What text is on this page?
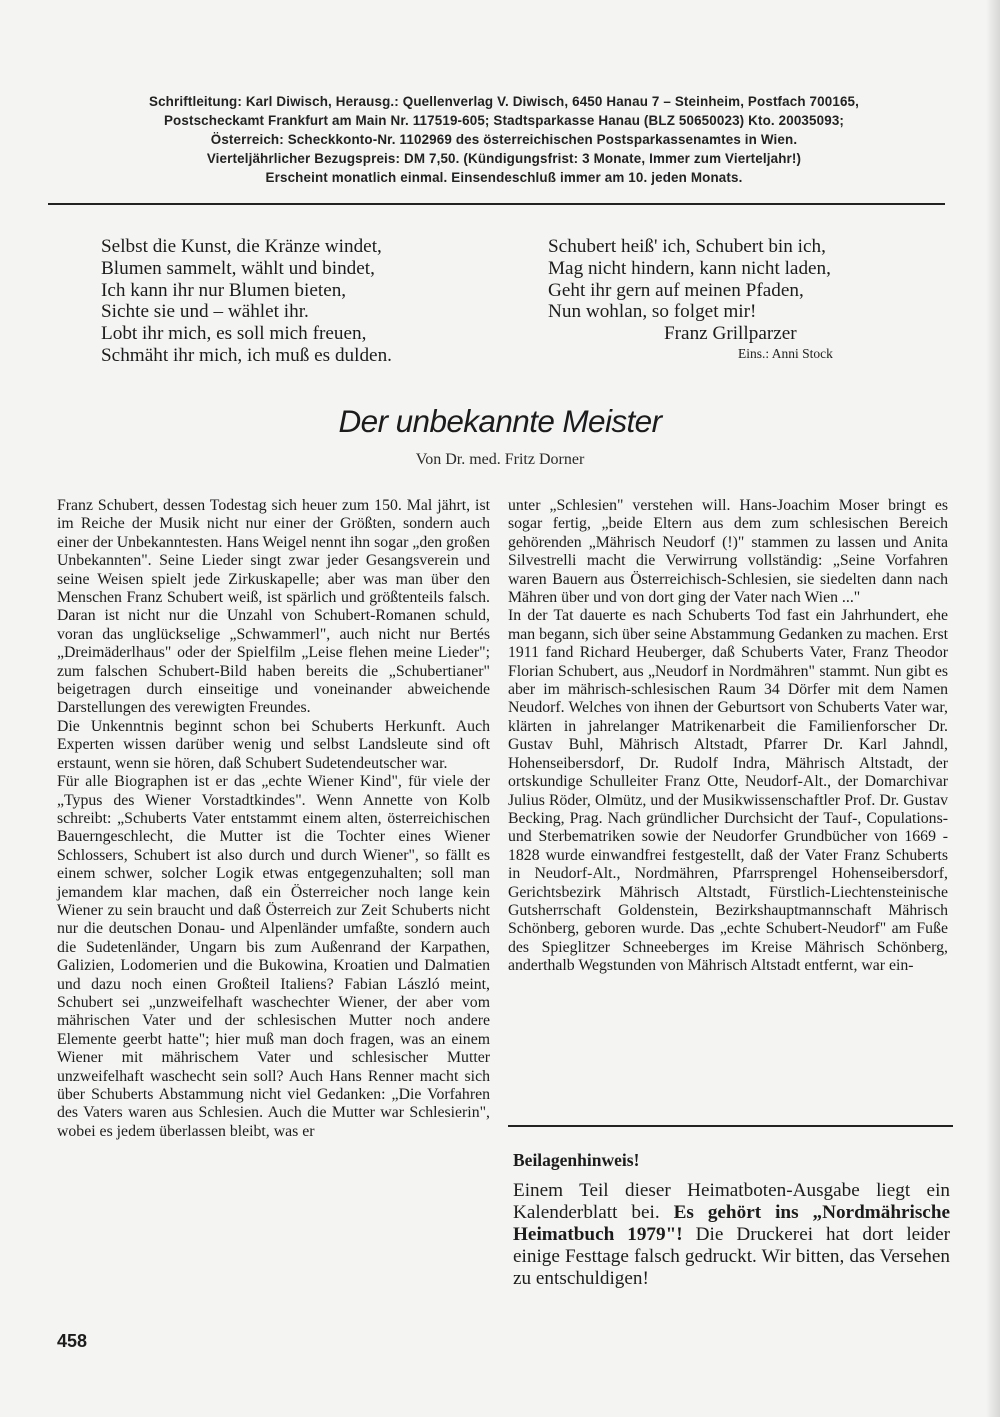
Schriftleitung: Karl Diwisch, Herausg.: Quellenverlag V. Diwisch, 6450 Hanau 7 – Steinheim, Postfach 700165,
Postscheckamt Frankfurt am Main Nr. 117519-605; Stadtsparkasse Hanau (BLZ 50650023) Kto. 20035093;
Österreich: Scheckkonto-Nr. 1102969 des österreichischen Postsparkassenamtes in Wien.
Vierteljährlicher Bezugspreis: DM 7,50. (Kündigungsfrist: 3 Monate, Immer zum Vierteljahr!)
Erscheint monatlich einmal. Einsendeschluß immer am 10. jeden Monats.
Selbst die Kunst, die Kränze windet,
Blumen sammelt, wählt und bindet,
Ich kann ihr nur Blumen bieten,
Sichte sie und – wählet ihr.
Lobt ihr mich, es soll mich freuen,
Schmäht ihr mich, ich muß es dulden.
Schubert heiß' ich, Schubert bin ich,
Mag nicht hindern, kann nicht laden,
Geht ihr gern auf meinen Pfaden,
Nun wohlan, so folget mir!
Franz Grillparzer
Eins.: Anni Stock
Der unbekannte Meister
Von Dr. med. Fritz Dorner

Franz Schubert, dessen Todestag sich heuer zum 150. Mal jährt, ist im Reiche der Musik nicht nur einer der Größten, sondern auch einer der Unbekanntesten. Hans Weigel nennt ihn sogar „den großen Unbekannten". Seine Lieder singt zwar jeder Gesangsverein und seine Weisen spielt jede Zirkuskapelle; aber was man über den Menschen Franz Schubert weiß, ist spärlich und größtenteils falsch. Daran ist nicht nur die Unzahl von Schubert-Romanen schuld, voran das unglückselige „Schwammerl", auch nicht nur Bertés „Dreimäderlhaus" oder der Spielfilm „Leise flehen meine Lieder"; zum falschen Schubert-Bild haben bereits die „Schubertianer" beigetragen durch einseitige und voneinander abweichende Darstellungen des verewigten Freundes.

Die Unkenntnis beginnt schon bei Schuberts Herkunft. Auch Experten wissen darüber wenig und selbst Landsleute sind oft erstaunt, wenn sie hören, daß Schubert Sudetendeutscher war.

Für alle Biographen ist er das „echte Wiener Kind", für viele der „Typus des Wiener Vorstadtkindes". Wenn Annette von Kolb schreibt: „Schuberts Vater entstammt einem alten, österreichischen Bauerngeschlecht, die Mutter ist die Tochter eines Wiener Schlossers, Schubert ist also durch und durch Wiener", so fällt es einem schwer, solcher Logik etwas entgegenzuhalten; soll man jemandem klar machen, daß ein Österreicher noch lange kein Wiener zu sein braucht und daß Österreich zur Zeit Schuberts nicht nur die deutschen Donau- und Alpenländer umfaßte, sondern auch die Sudetenländer, Ungarn bis zum Außenrand der Karpathen, Galizien, Lodomerien und die Bukowina, Kroatien und Dalmatien und dazu noch einen Großteil Italiens? Fabian László meint, Schubert sei „unzweifelhaft waschechter Wiener, der aber vom mährischen Vater und der schlesischen Mutter noch andere Elemente geerbt hatte"; hier muß man doch fragen, was an einem Wiener mit mährischem Vater und schlesischer Mutter unzweifelhaft waschecht sein soll? Auch Hans Renner macht sich über Schuberts Abstammung nicht viel Gedanken: „Die Vorfahren des Vaters waren aus Schlesien. Auch die Mutter war Schlesierin", wobei es jedem überlassen bleibt, was er

unter „Schlesien" verstehen will. Hans-Joachim Moser bringt es sogar fertig, „beide Eltern aus dem zum schlesischen Bereich gehörenden „Mährisch Neudorf (!)" stammen zu lassen und Anita Silvestrelli macht die Verwirrung vollständig: „Seine Vorfahren waren Bauern aus Österreichisch-Schlesien, sie siedelten dann nach Mähren über und von dort ging der Vater nach Wien ..."

In der Tat dauerte es nach Schuberts Tod fast ein Jahrhundert, ehe man begann, sich über seine Abstammung Gedanken zu machen. Erst 1911 fand Richard Heuberger, daß Schuberts Vater, Franz Theodor Florian Schubert, aus „Neudorf in Nordmähren" stammt. Nun gibt es aber im mährisch-schlesischen Raum 34 Dörfer mit dem Namen Neudorf. Welches von ihnen der Geburtsort von Schuberts Vater war, klärten in jahrelanger Matrikenarbeit die Familienforscher Dr. Gustav Buhl, Mährisch Altstadt, Pfarrer Dr. Karl Jahndl, Hohenseibersdorf, Dr. Rudolf Indra, Mährisch Altstadt, der ortskundige Schulleiter Franz Otte, Neudorf-Alt., der Domarchivar Julius Röder, Olmütz, und der Musikwissenschaftler Prof. Dr. Gustav Becking, Prag. Nach gründlicher Durchsicht der Tauf-, Copulations- und Sterbematriken sowie der Neudorfer Grundbücher von 1669 - 1828 wurde einwandfrei festgestellt, daß der Vater Franz Schuberts in Neudorf-Alt., Nordmähren, Pfarrsprengel Hohenseibersdorf, Gerichtsbezirk Mährisch Altstadt, Fürstlich-Liechtensteinische Gutsherrschaft Goldenstein, Bezirkshauptmannschaft Mährisch Schönberg, geboren wurde. Das „echte Schubert-Neudorf" am Fuße des Spieglitzer Schneeberges im Kreise Mährisch Schönberg, anderthalb Wegstunden von Mährisch Altstadt entfernt, war ein-

Beilagenhinweis!

Einem Teil dieser Heimatboten-Ausgabe liegt ein Kalenderblatt bei. Es gehört ins „Nordmährische Heimatbuch 1979"! Die Druckerei hat dort leider einige Festtage falsch gedruckt. Wir bitten, das Versehen zu entschuldigen!

458
